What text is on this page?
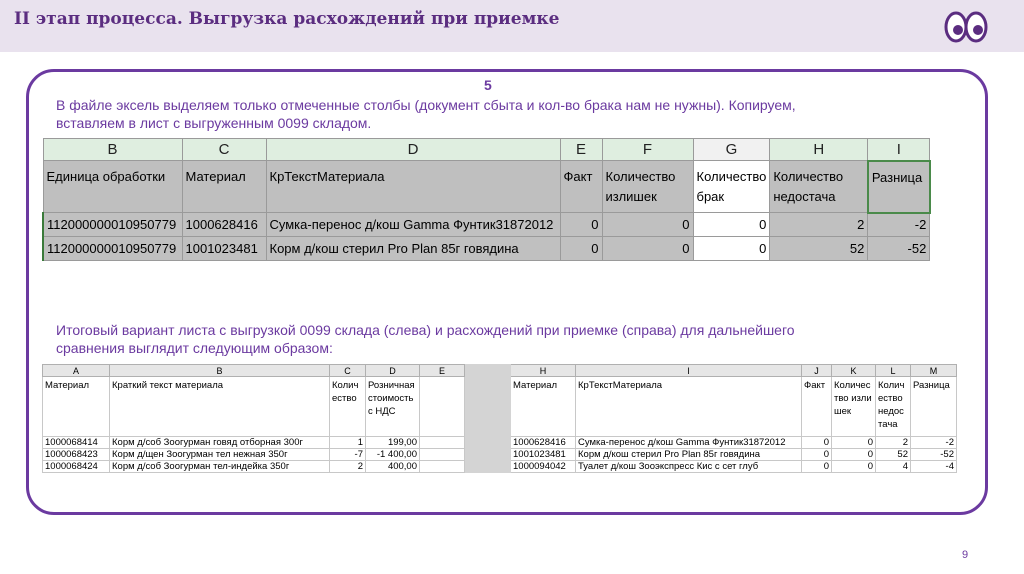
II этап процесса. Выгрузка расхождений при приемке
5
В файле эксель выделяем только отмеченные столбы (документ сбыта и кол-во брака нам не нужны). Копируем,
вставляем в лист с выгруженным 0099 складом.
B	C	D	E	F	G	H	I
Единица обработки	Материал	КрТекстМатериала	Факт	Количество излишек	Количество брак	Количество недостача	Разница
112000000010950779	1000628416	Сумка-перенос д/кош Gamma Фунтик31872012	0	0	0	2	-2
112000000010950779	1001023481	Корм д/кош стерил Pro Plan 85г говядина	0	0	0	52	-52
Итоговый вариант листа с выгрузкой 0099 склада (слева) и расхождений при приемке (справа) для дальнейшего
сравнения выглядит следующим образом:
A	B	C	D	E		H	I	J	K	L	M
Материал	Краткий текст материала	Количество	Розничная стоимость с НДС			Материал	КрТекстМатериала	Факт	Количество излишек	Количество недостача	Разница
1000068414	Корм д/соб Зоогурман говяд отборная 300г	1	199,00			1000628416	Сумка-перенос д/кош Gamma Фунтик31872012	0	0	2	-2
1000068423	Корм д/щен Зоогурман тел нежная 350г	-7	-1 400,00			1001023481	Корм д/кош стерил Pro Plan 85г говядина	0	0	52	-52
1000068424	Корм д/соб Зоогурман тел-индейка 350г	2	400,00			1000094042	Туалет д/кош Зооэкспресс Кис с сет глуб	0	0	4	-4
9
